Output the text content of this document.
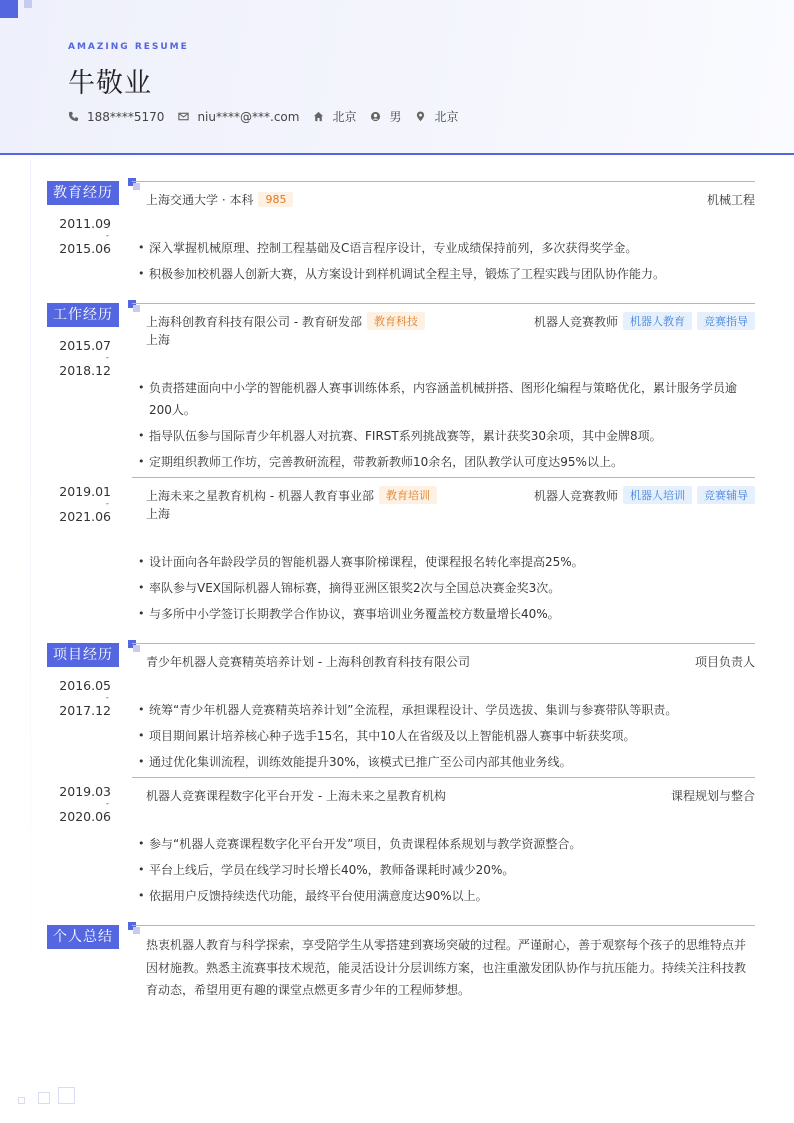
AMAZING RESUME
牛敬业
188****5170	niu****@***.com	北京	男	北京
教育经历
2011.09
-
2015.06
上海交通大学 · 本科	985	机械工程
• 深入掌握机械原理、控制工程基础及C语言程序设计，专业成绩保持前列，多次获得奖学金。
• 积极参加校机器人创新大赛，从方案设计到样机调试全程主导，锻炼了工程实践与团队协作能力。
工作经历
2015.07
-
2018.12
上海科创教育科技有限公司 - 教育研发部	教育科技	机器人竞赛教师	机器人教育	竞赛指导
上海
• 负责搭建面向中小学的智能机器人赛事训练体系，内容涵盖机械拼搭、图形化编程与策略优化，累计服务学员逾200人。
• 指导队伍参与国际青少年机器人对抗赛、FIRST系列挑战赛等，累计获奖30余项，其中金牌8项。
• 定期组织教师工作坊，完善教研流程，带教新教师10余名，团队教学认可度达95%以上。
2019.01
-
2021.06
上海未来之星教育机构 - 机器人教育事业部	教育培训	机器人竞赛教师	机器人培训	竞赛辅导
上海
• 设计面向各年龄段学员的智能机器人赛事阶梯课程，使课程报名转化率提高25%。
• 率队参与VEX国际机器人锦标赛，摘得亚洲区银奖2次与全国总决赛金奖3次。
• 与多所中小学签订长期教学合作协议，赛事培训业务覆盖校方数量增长40%。
项目经历
2016.05
-
2017.12
青少年机器人竞赛精英培养计划 - 上海科创教育科技有限公司	项目负责人
• 统筹“青少年机器人竞赛精英培养计划”全流程，承担课程设计、学员选拔、集训与参赛带队等职责。
• 项目期间累计培养核心种子选手15名，其中10人在省级及以上智能机器人赛事中斩获奖项。
• 通过优化集训流程，训练效能提升30%，该模式已推广至公司内部其他业务线。
2019.03
-
2020.06
机器人竞赛课程数字化平台开发 - 上海未来之星教育机构	课程规划与整合
• 参与“机器人竞赛课程数字化平台开发”项目，负责课程体系规划与教学资源整合。
• 平台上线后，学员在线学习时长增长40%，教师备课耗时减少20%。
• 依据用户反馈持续迭代功能，最终平台使用满意度达90%以上。
个人总结	热衷机器人教育与科学探索，享受陪学生从零搭建到赛场突破的过程。严谨耐心，善于观察每个孩子的思维特点并因材施教。熟悉主流赛事技术规范，能灵活设计分层训练方案，也注重激发团队协作与抗压能力。持续关注科技教育动态，希望用更有趣的课堂点燃更多青少年的工程师梦想。
